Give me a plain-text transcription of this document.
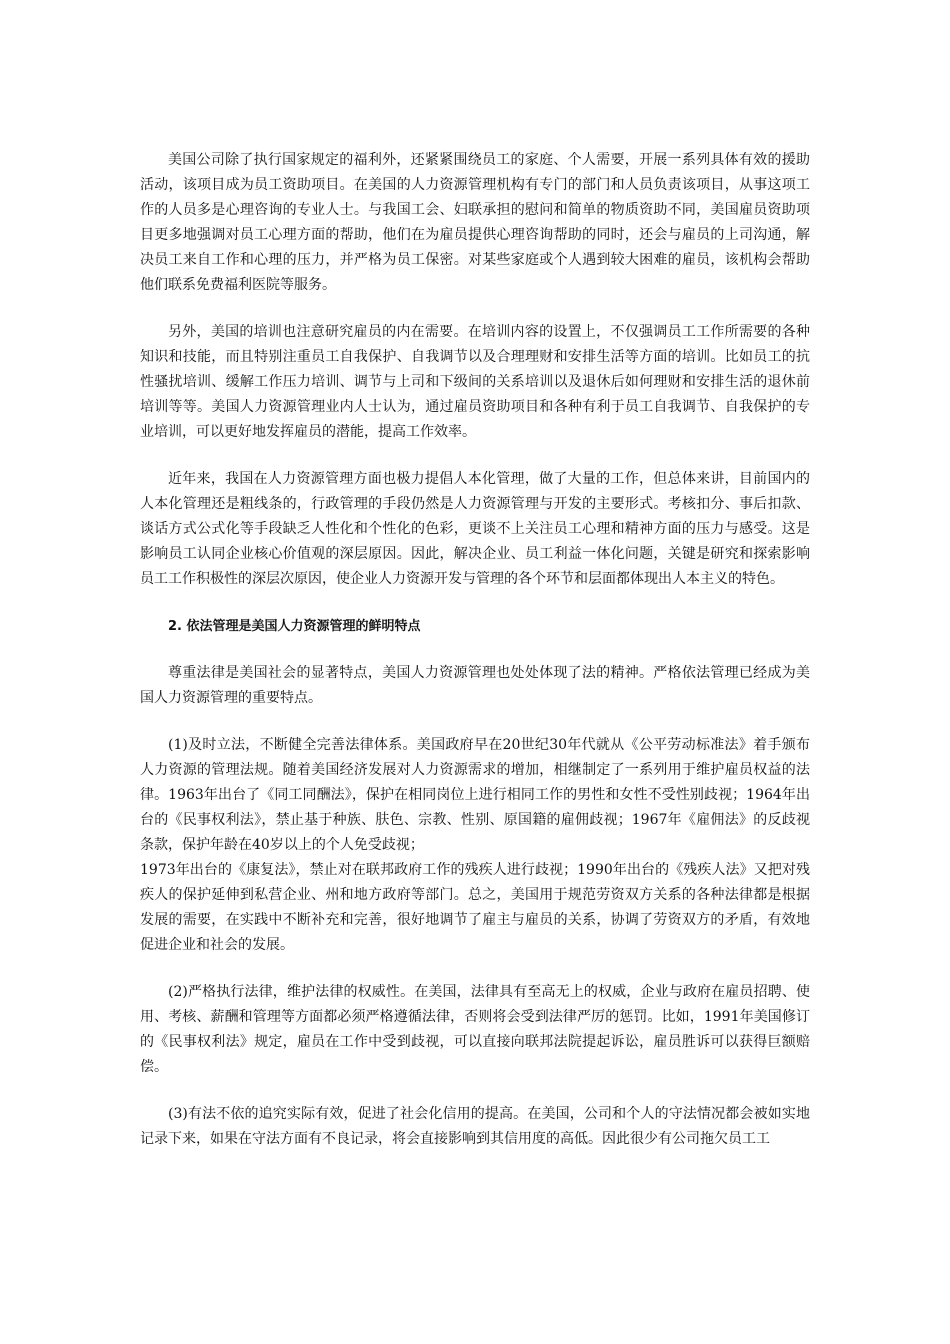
美国公司除了执行国家规定的福利外，还紧紧围绕员工的家庭、个人需要，开展一系列具体有效的援助活动，该项目成为员工资助项目。在美国的人力资源管理机构有专门的部门和人员负责该项目，从事这项工作的人员多是心理咨询的专业人士。与我国工会、妇联承担的慰问和简单的物质资助不同，美国雇员资助项目更多地强调对员工心理方面的帮助，他们在为雇员提供心理咨询帮助的同时，还会与雇员的上司沟通，解决员工来自工作和心理的压力，并严格为员工保密。对某些家庭或个人遇到较大困难的雇员，该机构会帮助他们联系免费福利医院等服务。

另外，美国的培训也注意研究雇员的内在需要。在培训内容的设置上，不仅强调员工工作所需要的各种知识和技能，而且特别注重员工自我保护、自我调节以及合理理财和安排生活等方面的培训。比如员工的抗性骚扰培训、缓解工作压力培训、调节与上司和下级间的关系培训以及退休后如何理财和安排生活的退休前培训等等。美国人力资源管理业内人士认为，通过雇员资助项目和各种有利于员工自我调节、自我保护的专业培训，可以更好地发挥雇员的潜能，提高工作效率。

近年来，我国在人力资源管理方面也极力提倡人本化管理，做了大量的工作，但总体来讲，目前国内的人本化管理还是粗线条的，行政管理的手段仍然是人力资源管理与开发的主要形式。考核扣分、事后扣款、谈话方式公式化等手段缺乏人性化和个性化的色彩，更谈不上关注员工心理和精神方面的压力与感受。这是影响员工认同企业核心价值观的深层原因。因此，解决企业、员工利益一体化问题，关键是研究和探索影响员工工作积极性的深层次原因，使企业人力资源开发与管理的各个环节和层面都体现出人本主义的特色。

2. 依法管理是美国人力资源管理的鲜明特点

尊重法律是美国社会的显著特点，美国人力资源管理也处处体现了法的精神。严格依法管理已经成为美国人力资源管理的重要特点。

(1)及时立法，不断健全完善法律体系。美国政府早在20世纪30年代就从《公平劳动标准法》着手颁布人力资源的管理法规。随着美国经济发展对人力资源需求的增加，相继制定了一系列用于维护雇员权益的法律。1963年出台了《同工同酬法》，保护在相同岗位上进行相同工作的男性和女性不受性别歧视；1964年出台的《民事权利法》，禁止基于种族、肤色、宗教、性别、原国籍的雇佣歧视；1967年《雇佣法》的反歧视条款，保护年龄在40岁以上的个人免受歧视；
1973年出台的《康复法》，禁止对在联邦政府工作的残疾人进行歧视；1990年出台的《残疾人法》又把对残疾人的保护延伸到私营企业、州和地方政府等部门。总之，美国用于规范劳资双方关系的各种法律都是根据发展的需要，在实践中不断补充和完善，很好地调节了雇主与雇员的关系，协调了劳资双方的矛盾，有效地促进企业和社会的发展。

(2)严格执行法律，维护法律的权威性。在美国，法律具有至高无上的权威，企业与政府在雇员招聘、使用、考核、薪酬和管理等方面都必须严格遵循法律，否则将会受到法律严厉的惩罚。比如，1991年美国修订的《民事权利法》规定，雇员在工作中受到歧视，可以直接向联邦法院提起诉讼，雇员胜诉可以获得巨额赔偿。

(3)有法不依的追究实际有效，促进了社会化信用的提高。在美国，公司和个人的守法情况都会被如实地记录下来，如果在守法方面有不良记录，将会直接影响到其信用度的高低。因此很少有公司拖欠员工工
